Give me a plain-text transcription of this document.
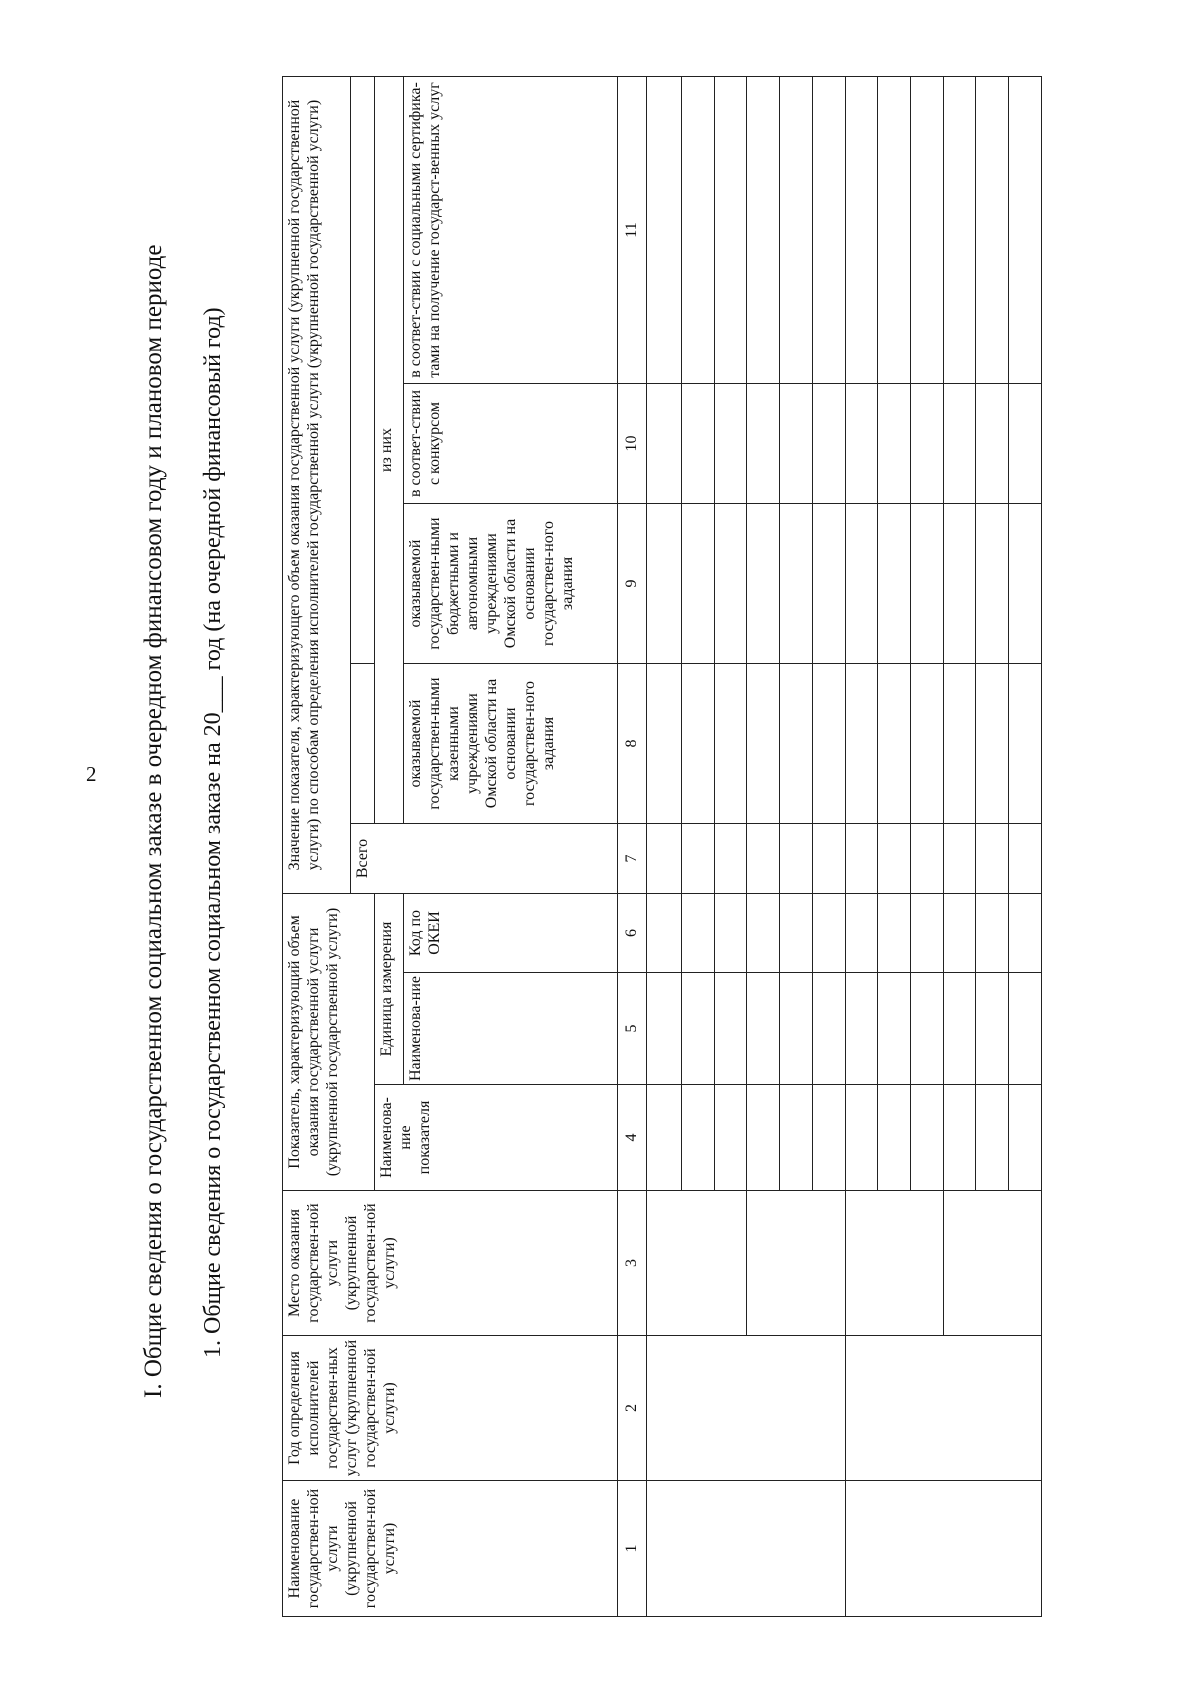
2 I. Общие сведения о государственном социальном заказе в очередном финансовом году и плановом периоде 1. Общие сведения о государственном социальном заказе на 20___ год (на очередной финансовый год)
Наименование государствен-ной услуги (укрупненной государствен-ной услуги)	Год определения исполнителей государствен-ных услуг (укрупненной государствен-ной услуги)	Место оказания государствен-ной услуги (укрупненной государствен-ной услуги)	Показатель, характеризующий объем оказания государственной услуги (укрупненной государственной услуги)			Значение показателя, характеризующего объем оказания государственной услуги (укрупненной государственной услуги) по способам определения исполнителей государственной услуги (укрупненной государственной услуги)				
						Всего				
			Наименова-ние показателя	Единица измерения			из них			
				Наименова-ние	Код по ОКЕИ		оказываемой государствен-ными казенными учреждениями Омской области на основании государствен-ного задания	оказываемой государствен-ными бюджетными и автономными учреждениями Омской области на основании государствен-ного задания	в соответ-ствии с конкурсом	в соответ-ствии с социальными сертифика-тами на получение государст-венных услуг
1	2	3	4	5	6	7	8	9	10	11
